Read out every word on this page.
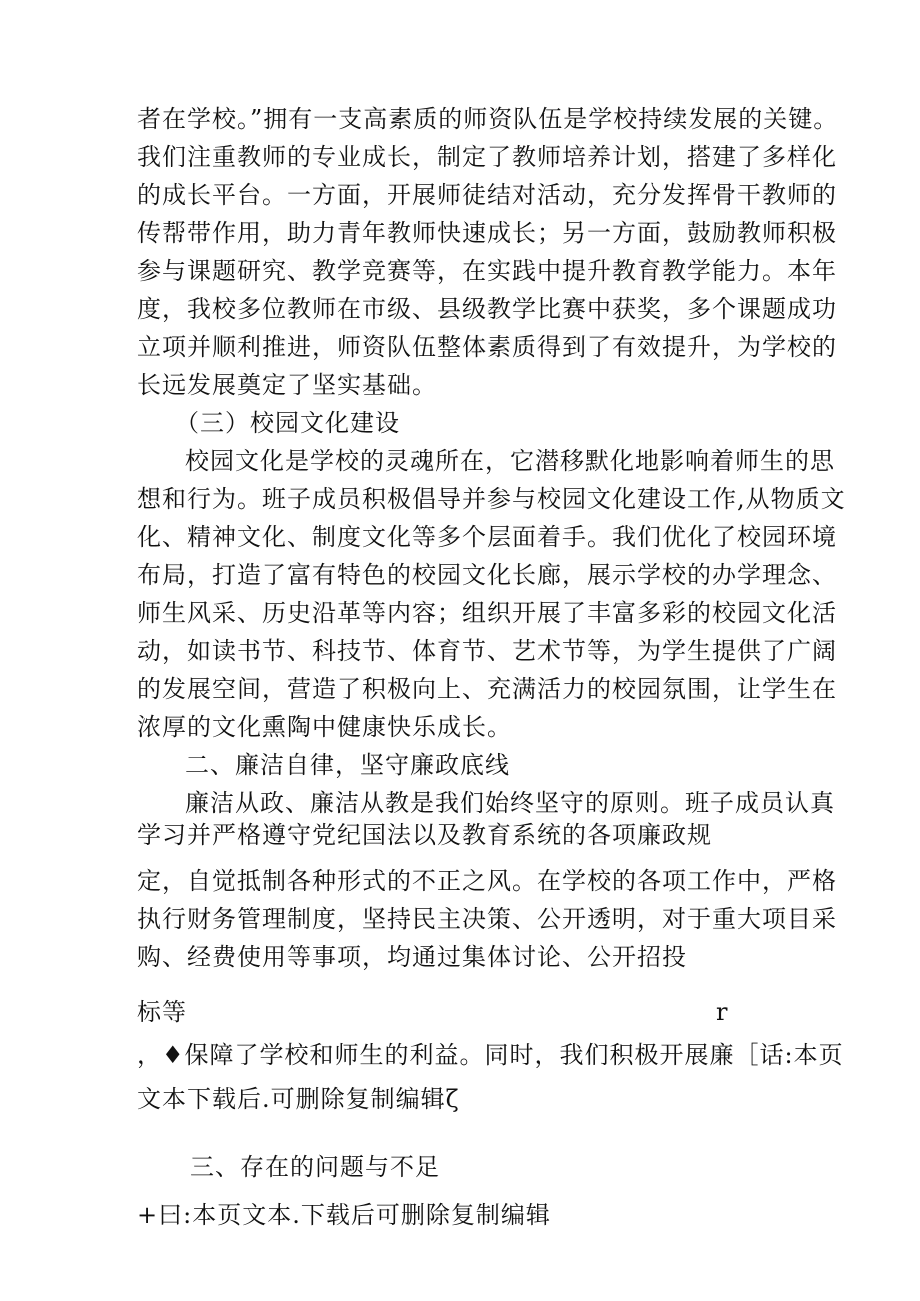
者在学校。”拥有一支高素质的师资队伍是学校持续发展的关键。
我们注重教师的专业成长，制定了教师培养计划，搭建了多样化
的成长平台。一方面，开展师徒结对活动，充分发挥骨干教师的
传帮带作用，助力青年教师快速成长；另一方面，鼓励教师积极
参与课题研究、教学竞赛等，在实践中提升教育教学能力。本年
度，我校多位教师在市级、县级教学比赛中获奖，多个课题成功
立项并顺利推进，师资队伍整体素质得到了有效提升，为学校的
长远发展奠定了坚实基础。
（三）校园文化建设
校园文化是学校的灵魂所在，它潜移默化地影响着师生的思
想和行为。班子成员积极倡导并参与校园文化建设工作,从物质文
化、精神文化、制度文化等多个层面着手。我们优化了校园环境
布局，打造了富有特色的校园文化长廊，展示学校的办学理念、
师生风采、历史沿革等内容；组织开展了丰富多彩的校园文化活
动，如读书节、科技节、体育节、艺术节等，为学生提供了广阔
的发展空间，营造了积极向上、充满活力的校园氛围，让学生在
浓厚的文化熏陶中健康快乐成长。
二、廉洁自律，坚守廉政底线
廉洁从政、廉洁从教是我们始终坚守的原则。班子成员认真
学习并严格遵守党纪国法以及教育系统的各项廉政规
定，自觉抵制各种形式的不正之风。在学校的各项工作中，严格
执行财务管理制度，坚持民主决策、公开透明，对于重大项目采
购、经费使用等事项，均通过集体讨论、公开招投
标等	r
，♦保障了学校和师生的利益。同时，我们积极开展廉［话:本页
文本下载后.可删除复制编辑ζ
三、存在的问题与不足
+曰:本页文本.下载后可删除复制编辑
